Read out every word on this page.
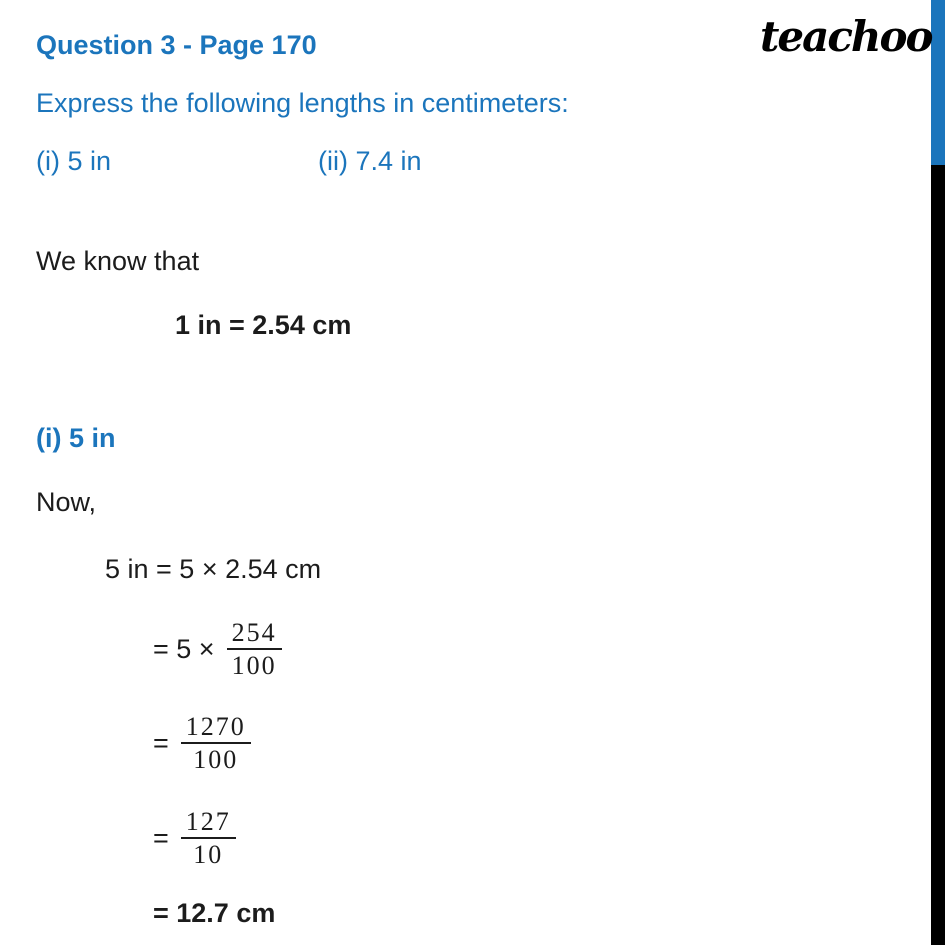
Question 3 - Page 170	teachoo
Express the following lengths in centimeters:
(i) 5 in	(ii) 7.4 in
We know that
1 in = 2.54 cm
(i) 5 in
Now,
5 in = 5 × 2.54 cm
= $5 \times \frac{254}{100}$
= $\frac{1270}{100}$
= $\frac{127}{10}$
= 12.7 cm
